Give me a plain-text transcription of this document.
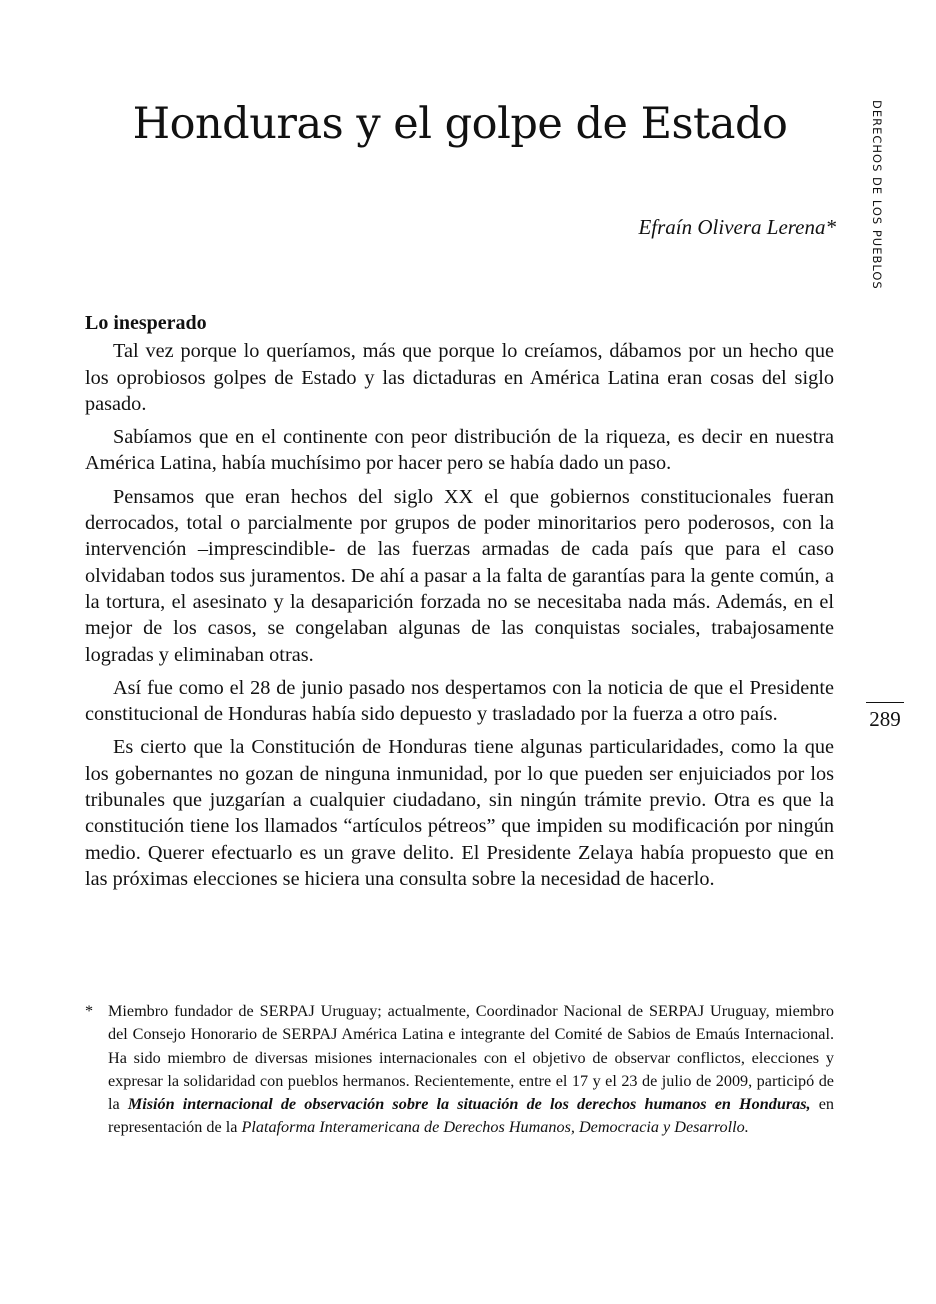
Honduras y el golpe de Estado
Efraín Olivera Lerena*	DERECHOS DE LOS PUEBLOS
289
Lo inesperado

Tal vez porque lo queríamos, más que porque lo creíamos, dábamos por un hecho que los oprobiosos golpes de Estado y las dictaduras en América Latina eran cosas del siglo pasado.

Sabíamos que en el continente con peor distribución de la riqueza, es decir en nuestra América Latina, había muchísimo por hacer pero se había dado un paso.

Pensamos que eran hechos del siglo XX el que gobiernos constitucionales fueran derrocados, total o parcialmente por grupos de poder minoritarios pero poderosos, con la intervención –imprescindible- de las fuerzas armadas de cada país que para el caso olvidaban todos sus juramentos. De ahí a pasar a la falta de garantías para la gente común, a la tortura, el asesinato y la desaparición forzada no se necesitaba nada más. Además, en el mejor de los casos, se congelaban algunas de las conquistas sociales, trabajosamente logradas y eliminaban otras.

Así fue como el 28 de junio pasado nos despertamos con la noticia de que el Presidente constitucional de Honduras había sido depuesto y trasladado por la fuerza a otro país.

Es cierto que la Constitución de Honduras tiene algunas particularidades, como la que los gobernantes no gozan de ninguna inmunidad, por lo que pueden ser enjuiciados por los tribunales que juzgarían a cualquier ciudadano, sin ningún trámite previo. Otra es que la constitución tiene los llamados “artículos pétreos” que impiden su modificación por ningún medio. Querer efectuarlo es un grave delito. El Presidente Zelaya había propuesto que en las próximas elecciones se hiciera una consulta sobre la necesidad de hacerlo.

* Miembro fundador de SERPAJ Uruguay; actualmente, Coordinador Nacional de SERPAJ Uruguay, miembro del Consejo Honorario de SERPAJ América Latina e integrante del Comité de Sabios de Emaús Internacional. Ha sido miembro de diversas misiones internacionales con el objetivo de observar conflictos, elecciones y expresar la solidaridad con pueblos hermanos. Recientemente, entre el 17 y el 23 de julio de 2009, participó de la Misión internacional de observación sobre la situación de los derechos humanos en Honduras, en representación de la Plataforma Interamericana de Derechos Humanos, Democracia y Desarrollo.
